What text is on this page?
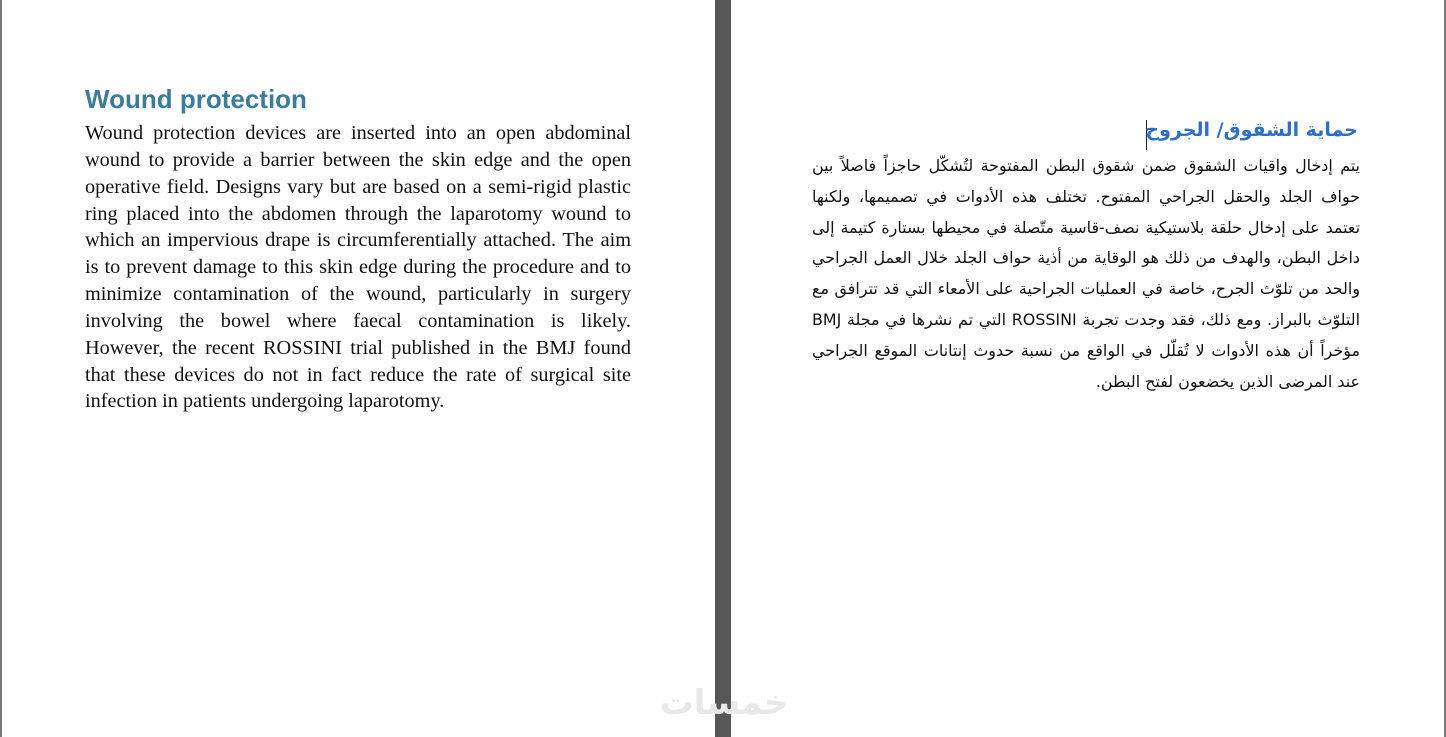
Wound protection

Wound protection devices are inserted into an open abdominal wound to provide a barrier between the skin edge and the open operative field. Designs vary but are based on a semi-rigid plastic ring placed into the abdomen through the laparotomy wound to which an impervious drape is circumferentially attached. The aim is to prevent damage to this skin edge during the procedure and to minimize contamination of the wound, particularly in surgery involving the bowel where faecal contamination is likely. However, the recent ROSSINI trial published in the BMJ found that these devices do not in fact reduce the rate of surgical site infection in patients undergoing laparotomy.

حماية الشقوق/ الجروح

يتم إدخال واقيات الشقوق ضمن شقوق البطن المفتوحة لتُشكّل حاجزاً فاصلاً بين حواف الجلد والحقل الجراحي المفتوح. تختلف هذه الأدوات في تصميمها، ولكنها تعتمد على إدخال حلقة بلاستيكية نصف-قاسية متّصلة في محيطها بستارة كتيمة إلى داخل البطن، والهدف من ذلك هو الوقاية من أذية حواف الجلد خلال العمل الجراحي والحد من تلوّث الجرح، خاصة في العمليات الجراحية على الأمعاء التي قد تترافق مع التلوّث بالبراز. ومع ذلك، فقد وجدت تجربة ROSSINI التي تم نشرها في مجلة BMJ مؤخراً أن هذه الأدوات لا تُقلّل في الواقع من نسبة حدوث إنتانات الموقع الجراحي عند المرضى الذين يخضعون لفتح البطن.

خمسات
